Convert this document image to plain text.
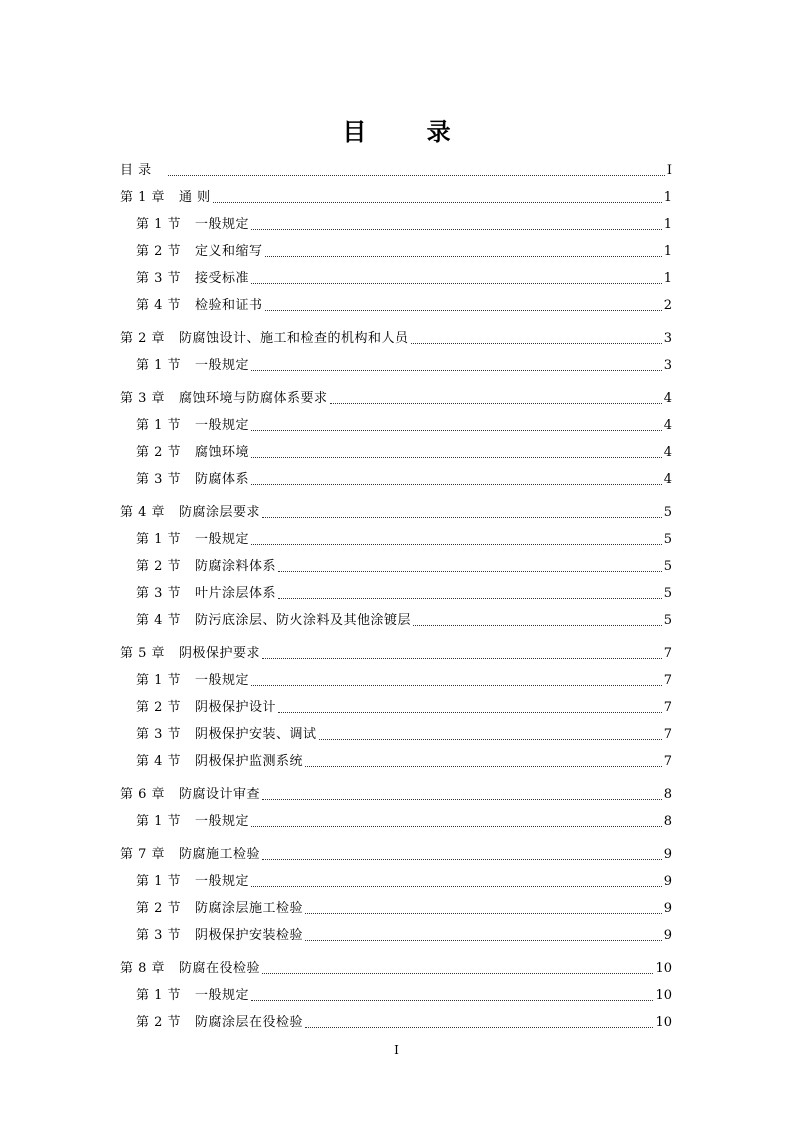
目 录
目 录	I
第 1 章 通 则	1
第 1 节 一般规定	1
第 2 节 定义和缩写	1
第 3 节 接受标准	1
第 4 节 检验和证书	2
第 2 章 防腐蚀设计、施工和检查的机构和人员	3
第 1 节 一般规定	3
第 3 章 腐蚀环境与防腐体系要求	4
第 1 节 一般规定	4
第 2 节 腐蚀环境	4
第 3 节 防腐体系	4
第 4 章 防腐涂层要求	5
第 1 节 一般规定	5
第 2 节 防腐涂料体系	5
第 3 节 叶片涂层体系	5
第 4 节 防污底涂层、防火涂料及其他涂镀层	5
第 5 章 阴极保护要求	7
第 1 节 一般规定	7
第 2 节 阴极保护设计	7
第 3 节 阴极保护安装、调试	7
第 4 节 阴极保护监测系统	7
第 6 章 防腐设计审查	8
第 1 节 一般规定	8
第 7 章 防腐施工检验	9
第 1 节 一般规定	9
第 2 节 防腐涂层施工检验	9
第 3 节 阴极保护安装检验	9
第 8 章 防腐在役检验	10
第 1 节 一般规定	10
第 2 节 防腐涂层在役检验	10
I
